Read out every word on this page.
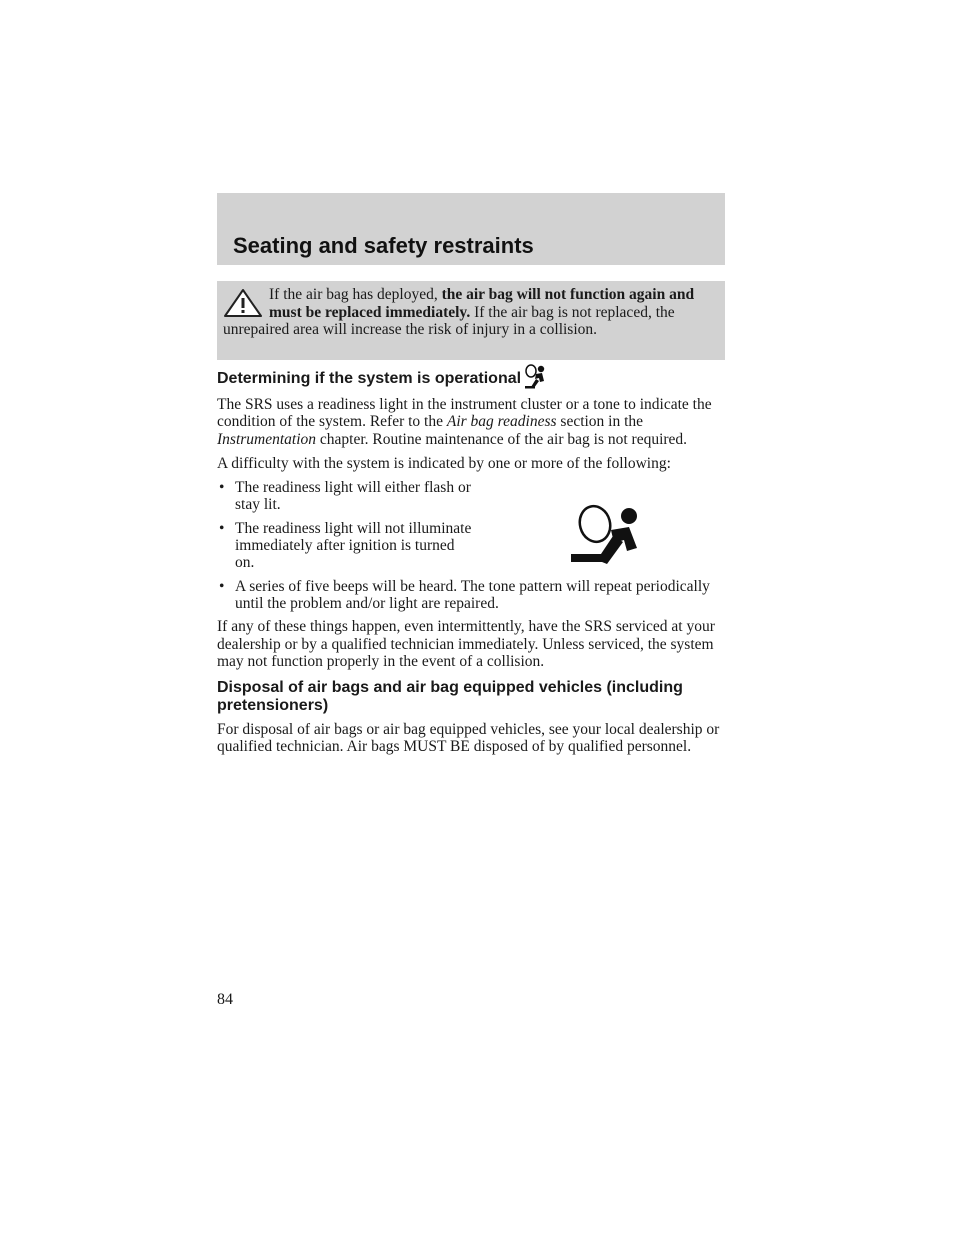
Seating and safety restraints

If the air bag has deployed, the air bag will not function again and must be replaced immediately. If the air bag is not replaced, the unrepaired area will increase the risk of injury in a collision.

Determining if the system is operational

The SRS uses a readiness light in the instrument cluster or a tone to indicate the condition of the system. Refer to the Air bag readiness section in the Instrumentation chapter. Routine maintenance of the air bag is not required.

A difficulty with the system is indicated by one or more of the following:

• The readiness light will either flash or stay lit.
• The readiness light will not illuminate immediately after ignition is turned on.
• A series of five beeps will be heard. The tone pattern will repeat periodically until the problem and/or light are repaired.

If any of these things happen, even intermittently, have the SRS serviced at your dealership or by a qualified technician immediately. Unless serviced, the system may not function properly in the event of a collision.

Disposal of air bags and air bag equipped vehicles (including pretensioners)

For disposal of air bags or air bag equipped vehicles, see your local dealership or qualified technician. Air bags MUST BE disposed of by qualified personnel.

84
